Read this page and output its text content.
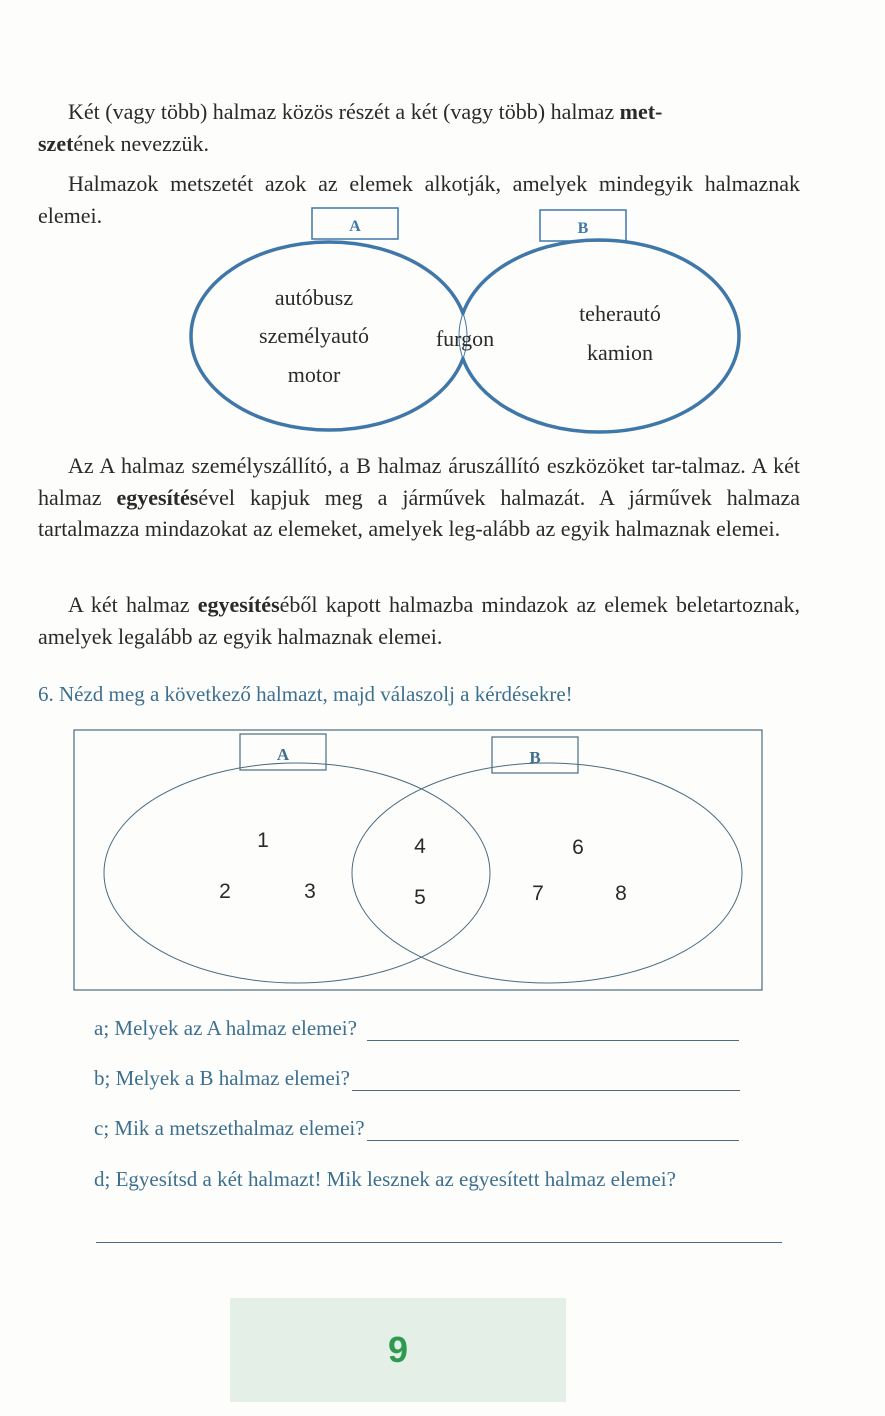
Két (vagy több) halmaz közös részét a két (vagy több) halmaz met-
szetének nevezzük.

Halmazok metszetét azok az elemek alkotják, amelyek mindegyik halmaznak elemei.	A	B
autóbusz
személyautó
motor
furgon
teherautó
kamion

Az A halmaz személyszállító, a B halmaz áruszállító eszközöket tar-talmaz. A két halmaz egyesítésével kapjuk meg a járművek halmazát. A járművek halmaza tartalmazza mindazokat az elemeket, amelyek leg-alább az egyik halmaznak elemei.

A két halmaz egyesítéséből kapott halmazba mindazok az elemek beletartoznak, amelyek legalább az egyik halmaznak elemei.

6. Nézd meg a következő halmazt, majd válaszolj a kérdésekre!

A	B
1
2	3
4
5
6
7	8
a; Melyek az A halmaz elemei?
b; Melyek a B halmaz elemei?
c; Mik a metszethalmaz elemei?
d; Egyesítsd a két halmazt! Mik lesznek az egyesített halmaz elemei?
9
